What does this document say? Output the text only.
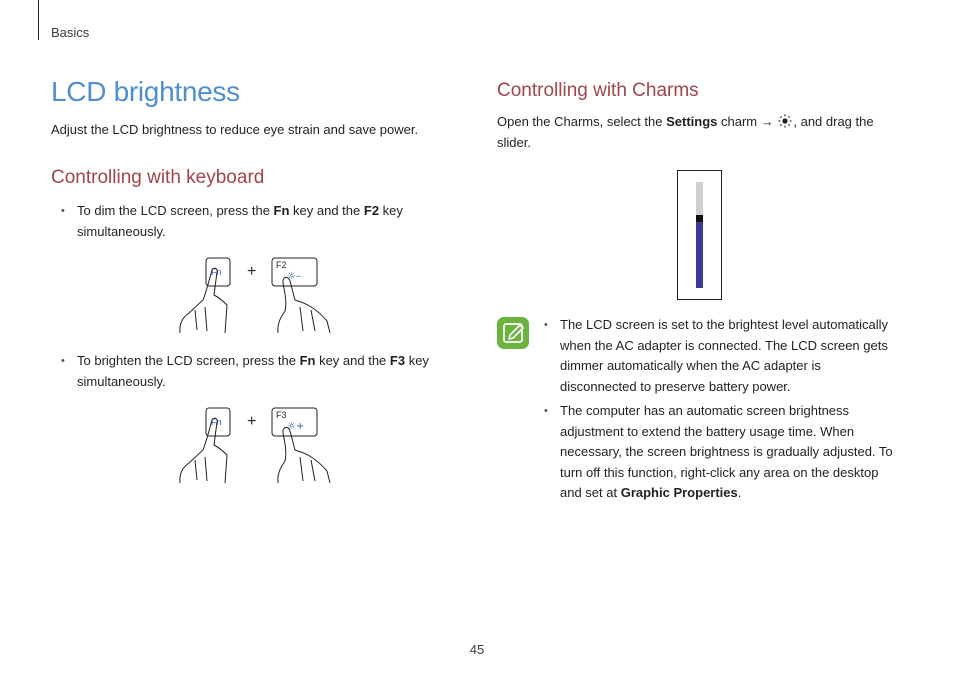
Basics
LCD brightness
Adjust the LCD brightness to reduce eye strain and save power.
Controlling with keyboard
• To dim the LCD screen, press the Fn key and the F2 key simultaneously.
Fn + F2
☼–
• To brighten the LCD screen, press the Fn key and the F3 key simultaneously.
Fn + F3
☼+
Controlling with Charms
Open the Charms, select the Settings charm → , and drag the slider.
• The LCD screen is set to the brightest level automatically when the AC adapter is connected. The LCD screen gets dimmer automatically when the AC adapter is disconnected to preserve battery power.
• The computer has an automatic screen brightness adjustment to extend the battery usage time. When necessary, the screen brightness is gradually adjusted. To turn off this function, right-click any area on the desktop and set at Graphic Properties.
45
